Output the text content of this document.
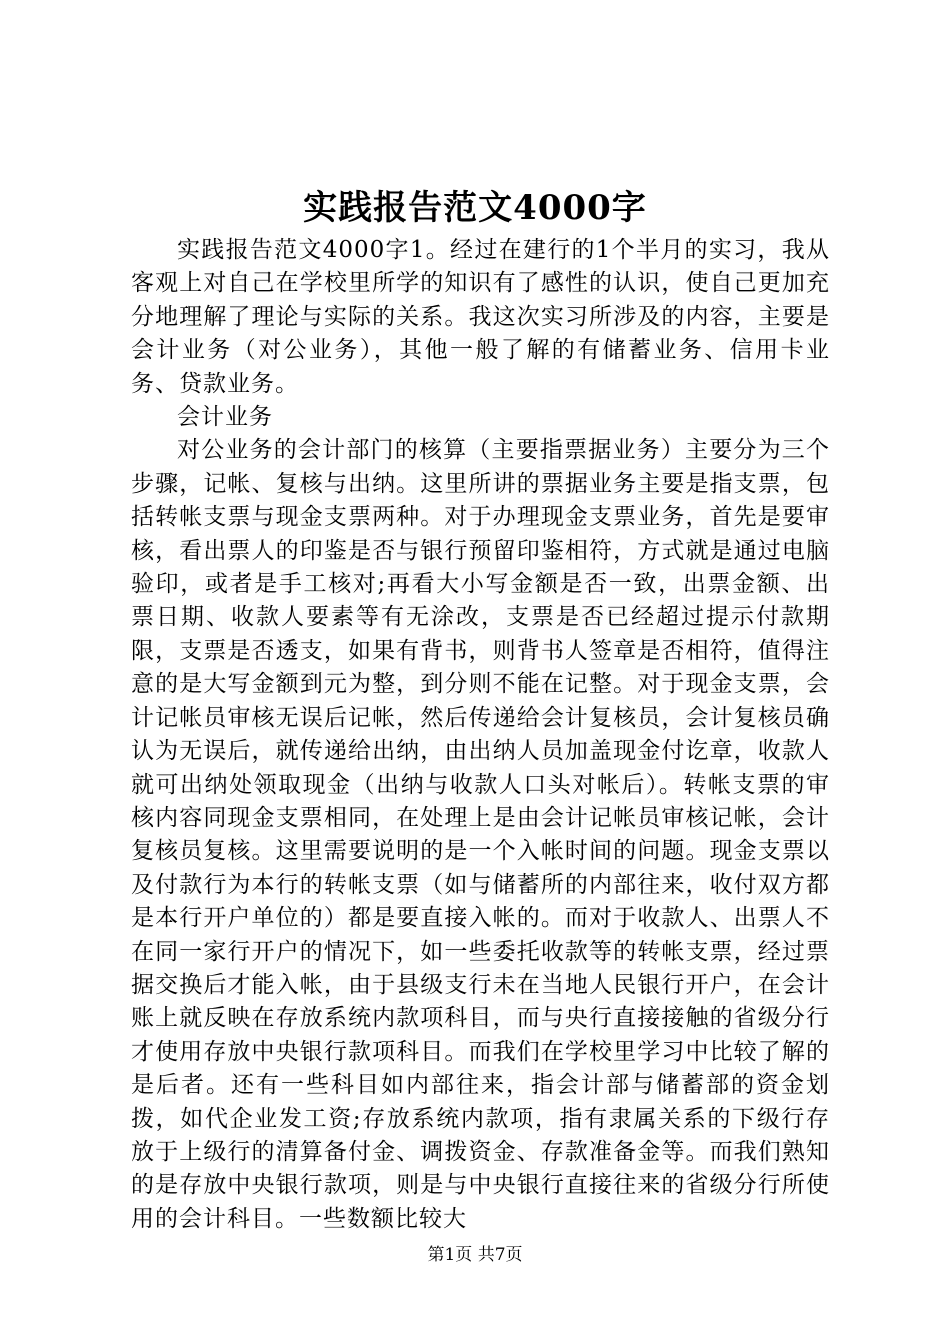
实践报告范文4000字

实践报告范文4000字1。经过在建行的1个半月的实习，我从客观上对自己在学校里所学的知识有了感性的认识，使自己更加充分地理解了理论与实际的关系。我这次实习所涉及的内容，主要是会计业务（对公业务），其他一般了解的有储蓄业务、信用卡业务、贷款业务。

会计业务

对公业务的会计部门的核算（主要指票据业务）主要分为三个步骤，记帐、复核与出纳。这里所讲的票据业务主要是指支票，包括转帐支票与现金支票两种。对于办理现金支票业务，首先是要审核，看出票人的印鉴是否与银行预留印鉴相符，方式就是通过电脑验印，或者是手工核对;再看大小写金额是否一致，出票金额、出票日期、收款人要素等有无涂改，支票是否已经超过提示付款期限，支票是否透支，如果有背书，则背书人签章是否相符，值得注意的是大写金额到元为整，到分则不能在记整。对于现金支票，会计记帐员审核无误后记帐，然后传递给会计复核员，会计复核员确认为无误后，就传递给出纳，由出纳人员加盖现金付讫章，收款人就可出纳处领取现金（出纳与收款人口头对帐后）。转帐支票的审核内容同现金支票相同，在处理上是由会计记帐员审核记帐，会计复核员复核。这里需要说明的是一个入帐时间的问题。现金支票以及付款行为本行的转帐支票（如与储蓄所的内部往来，收付双方都是本行开户单位的）都是要直接入帐的。而对于收款人、出票人不在同一家行开户的情况下，如一些委托收款等的转帐支票，经过票据交换后才能入帐，由于县级支行未在当地人民银行开户，在会计账上就反映在存放系统内款项科目，而与央行直接接触的省级分行才使用存放中央银行款项科目。而我们在学校里学习中比较了解的是后者。还有一些科目如内部往来，指会计部与储蓄部的资金划拨，如代企业发工资;存放系统内款项，指有隶属关系的下级行存放于上级行的清算备付金、调拨资金、存款准备金等。而我们熟知的是存放中央银行款项，则是与中央银行直接往来的省级分行所使用的会计科目。一些数额比较大

第1页 共7页
